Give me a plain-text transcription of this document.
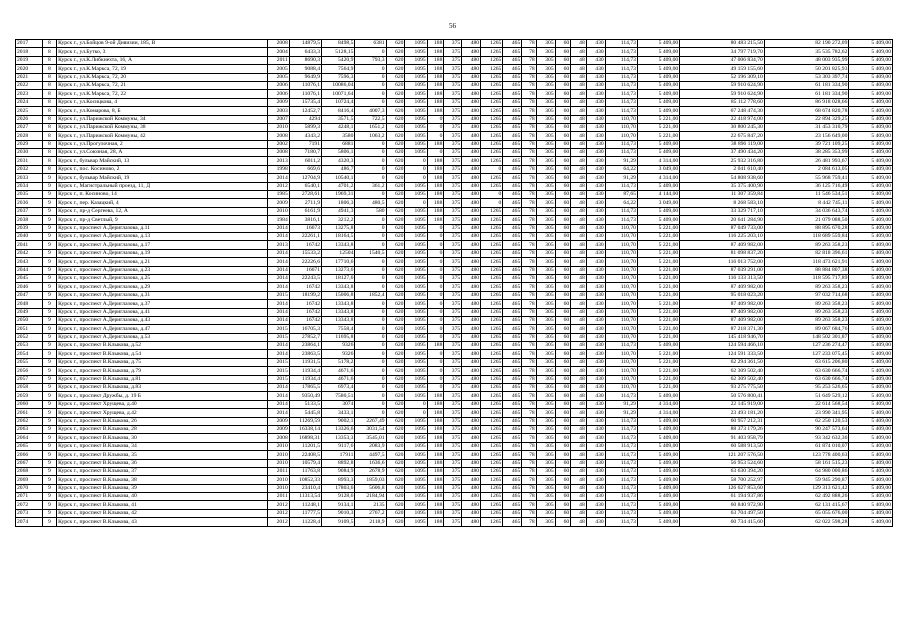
56
2017	8	Курск г., ул.Бойцов 9-ой Дивизии, 185, В	2008	14879,5	8498,5	6381	620	1095	188	375	480	1265	465	78	305	60	48	430	114,73	5 409,00	80 483 215,50	82 190 272,09	5 409,00
2018	8	Курск г., ул.Бутко, 3	2004	6433,3	5128,15	0	620	1095	188	375	480	1265	465	78	305	60	48	430	114,73	5 409,00	34 797 719,70	35 535 782,62	5 409,00
2019	8	Курск г., ул.К.Либкнехта, 16, А	2011	8690,3	5420,9	793,3	620	1095	188	375	480	1265	465	78	305	60	48	430	114,73	5 409,00	47 006 834,70	48 003 935,99	5 409,00
2020	8	Курск г., ул.К.Маркса, 72, 19	2005	9088,4	7564,9	0	620	1095	188	375	480	1265	465	78	305	60	48	430	114,73	5 409,00	49 159 155,60	50 201 825,93	5 409,00
2021	8	Курск г., ул.К.Маркса, 72, 20	2005	9649,9	7596,3	0	620	1095	188	375	480	1265	465	78	305	60	48	430	114,73	5 409,00	52 196 309,10	53 303 397,74	5 409,00
2022	8	Курск г., ул.К.Маркса, 72, 21	2006	11076,1	10086,04	0	620	1095	188	375	480	1265	465	78	305	60	48	430	114,73	5 409,00	59 910 624,90	61 181 334,90	5 409,00
2023	8	Курск г., ул.К.Маркса, 72, 22	2006	11076,1	10071,64	0	620	1095	188	375	480	1265	465	78	305	60	48	430	114,73	5 409,00	59 910 624,90	61 181 334,90	5 409,00
2024	8	Курск г., ул.Косицкова, 4	2009	15735,4	10724,4	0	620	1095	188	375	480	1265	465	78	305	60	48	430	114,73	5 409,00	85 112 778,60	86 918 028,66	5 409,00
2025	8	Курск г., ул.Комарова, 8, Б	2003	12452,7	8416,4	4007,3	620	1095	188	375	480	1265	465	78	305	60	48	430	114,73	5 409,00	67 248 474,30	68 674 820,78	5 409,00
2026	8	Курск г., ул.Парижской Коммуны, 34	2007	4294	3571,5	722,5	620	1095	0	375	480	1265	465	78	305	60	48	430	110,70	5 221,00	22 418 974,00	22 894 329,25	5 409,00
2027	8	Курск г., ул.Парижской Коммуны, 38	2010	5899,3	4248,1	1651,2	620	1095	0	375	480	1265	465	78	305	60	48	430	110,70	5 221,00	30 800 245,30	31 453 310,79	5 409,00
2028	8	Курск г., ул.Парижской Коммуны, 42	2008	4343,2	3580	1063,2	620	1095	0	375	480	1265	465	78	305	60	48	430	110,70	5 221,00	22 675 847,20	23 156 649,00	5 409,00
2029	8	Курск г., ул.Прогулочная, 2	2002	7191	6881	0	620	1095	188	375	480	1265	465	78	305	60	48	430	114,73	5 409,00	38 896 119,00	39 721 109,25	5 409,00
2030	8	Курск г., ул.Союзная, 28, А	2008	7180,7	5806,1	0	620	1095	0	375	480	1265	465	78	305	60	48	430	114,73	5 409,00	37 490 434,20	38 285 353,99	5 409,00
2031	8	Курск г., бульвар Майский, 13	2013	6011,2	4320,3	0	620	0	188	375	480	1265	465	78	305	60	48	430	91,29	4 314,00	25 932 316,80	26 481 993,67	5 409,00
2032	8	Курск г., пос. Косиново, 2	1998	669,6	486,7	0	620	0	188	375	480	0	465	78	305	60	48	430	64,22	3 049,00	2 041 610,40	2 084 613,05	5 409,00
2033	9	Курск г., бульвар Майский, 19	2014	12704,9	10540,1	0	620	0	188	375	480	1265	465	78	305	60	48	430	91,29	4 314,00	54 808 938,60	55 968 759,41	5 409,00
2034	9	Курск г., Магистральный проезд, 11, Д	2012	6540,1	4701,2	361,2	620	1095	188	375	480	1265	465	78	305	60	48	430	114,73	5 409,00	35 375 400,90	36 125 716,49	5 409,00
2035	9	Курск г., п. Косиново, 14	1985	2728,61	1969,31	0	620	1095	188	375	480	0	465	78	305	60	48	430	87,65	4 144,00	11 307 359,84	11 546 534,51	5 409,00
2036	9	Курск г., пер. Казацкий, 4	2009	2711,9	1806,3	480,5	620	0	188	375	480	0	465	78	305	60	48	430	64,22	3 049,00	8 268 583,10	8 442 745,11	5 409,00
2037	9	Курск г., пр-д Сергеева, 12, А	2010	6161,9	4941,3	580	620	1095	188	375	480	1265	465	78	305	60	48	430	114,73	5 409,00	33 329 717,10	34 036 643,74	5 409,00
2038	9	Курск г., пр-д Светлый, 9	1984	3816,1	3212,2	0	620	1095	188	375	480	1265	465	78	305	60	48	430	114,73	5 409,00	20 641 284,90	21 079 088,50	5 409,00
2039	9	Курск г., проспект А.Дериглазова, д.11	2014	16673	13275,8	0	620	1095	0	375	480	1265	465	78	305	60	48	430	110,70	5 221,00	87 049 733,00	88 895 670,28	5 409,00
2040	9	Курск г., проспект А.Дериглазова, д.13	2014	22261,1	18164,5	0	620	1095	0	375	480	1265	465	78	305	60	48	430	110,70	5 221,00	116 225 203,10	118 689 559,84	5 409,00
2041	9	Курск г., проспект А.Дериглазова, д.17	2013	16742	13343,8	0	620	1095	0	375	480	1265	465	78	305	60	48	430	110,70	5 221,00	87 409 982,00	89 263 358,23	5 409,00
2042	9	Курск г., проспект А.Дериглазова, д.19	2014	15533,2	12504	1540,5	620	1095	0	375	480	1265	465	78	305	60	48	430	110,70	5 221,00	81 098 837,20	82 818 396,61	5 409,00
2043	9	Курск г., проспект А.Дериглазова, д.21	2014	22226,6	17710,6	0	620	1095	0	375	480	1265	465	78	305	60	48	430	110,70	5 221,00	116 013 752,00	118 473 621,91	5 409,00
2044	9	Курск г., проспект А.Дериглазова, д.23	2014	16671	13273,6	0	620	1095	0	375	480	1265	465	78	305	60	48	430	110,70	5 221,00	87 039 291,00	88 884 807,38	5 409,00
2045	9	Курск г., проспект А.Дериглазова, д.25	2014	22243,5	18127,6	0	620	1095	0	375	480	1265	465	78	305	60	48	430	110,70	5 221,00	116 133 313,50	118 595 717,89	5 409,00
2046	9	Курск г., проспект А.Дериглазова, д.29	2014	16742	13343,8	0	620	1095	0	375	480	1265	465	78	305	60	48	430	110,70	5 221,00	87 409 982,00	89 263 358,23	5 409,00
2047	9	Курск г., проспект А.Дериглазова, д.31	2015	18199,2	15006,8	1852,4	620	1095	0	375	480	1265	465	78	305	60	48	430	110,70	5 221,00	95 018 023,20	97 032 714,68	5 409,00
2048	9	Курск г., проспект А.Дериглазова, д.37	2014	16742	13343,8	0	620	1095	0	375	480	1265	465	78	305	60	48	430	110,70	5 221,00	87 409 982,00	89 263 358,23	5 409,00
2049	9	Курск г., проспект А.Дериглазова, д.41	2014	16742	13343,8	0	620	1095	0	375	480	1265	465	78	305	60	48	430	110,70	5 221,00	87 409 982,00	89 263 358,23	5 409,00
2050	9	Курск г., проспект А.Дериглазова, д.43	2014	16742	13343,8	0	620	1095	0	375	480	1265	465	78	305	60	48	430	110,70	5 221,00	87 409 982,00	89 263 358,23	5 409,00
2051	9	Курск г., проспект А.Дериглазова, д.47	2015	16705,3	7558,4	0	620	1095	0	375	480	1265	465	78	305	60	48	430	110,70	5 221,00	87 218 371,30	89 067 684,76	5 409,00
2052	9	Курск г., проспект А.Дериглазова, д.53	2015	27852,7	11695,8	0	620	1095	0	375	480	1265	465	78	305	60	48	430	110,70	5 221,00	145 418 946,70	148 502 301,87	5 409,00
2053	9	Курск г., проспект В.Клыкова, д.52	2014	23864,1	9326	0	620	1095	188	375	480	1265	465	78	305	60	48	430	114,73	5 409,00	124 594 466,10	127 236 274,47	5 409,00
2054	9	Курск г., проспект В.Клыкова, д.54	2014	23863,5	9326	0	620	1095	0	375	480	1265	465	78	305	60	48	430	110,70	5 221,00	124 591 333,50	127 233 075,45	5 409,00
2055	9	Курск г., проспект В.Клыкова, д.75	2015	11931,5	5178,2	0	620	1095	0	375	480	1265	465	78	305	60	48	430	110,70	5 221,00	62 294 361,50	63 615 206,80	5 409,00
2056	9	Курск г., проспект В.Клыкова, д.79	2015	11934,4	4671,6	0	620	1095	0	375	480	1265	465	78	305	60	48	430	110,70	5 221,00	62 309 502,40	63 630 666,74	5 409,00
2057	9	Курск г., проспект В.Клыкова, д.81	2015	11934,4	4671,6	0	620	1095	0	375	480	1265	465	78	305	60	48	430	110,70	5 221,00	62 309 502,40	63 630 666,74	5 409,00
2058	9	Курск г., проспект В.Клыкова, д.83	2014	17865,5	6973,4	0	620	1095	0	375	480	1265	465	78	305	60	48	430	110,70	5 221,00	93 275 775,50	95 253 526,65	5 409,00
2059	9	Курск г., проспект Дружбы, д. 19 Б	2014	9350,49	7580,51	0	620	1095	188	375	480	1265	465	78	305	60	48	430	114,73	5 409,00	50 576 800,41	51 649 529,12	5 409,00
2060	9	Курск г., проспект Хрущева, д.40	2014	5133,5	3074	0	620	0	188	375	480	1265	465	78	305	60	48	430	91,29	4 314,00	22 145 919,00	22 614 568,54	5 409,00
2061	9	Курск г., проспект Хрущева, д.42	2014	5445,8	3433,1	0	620	0	188	375	480	1265	465	78	305	60	48	430	91,29	4 314,00	23 493 181,20	23 990 341,95	5 409,00
2062	9	Курск г., проспект В.Клыкова, 26	2009	11269,59	9002,1	2267,49	620	1095	188	375	480	1265	465	78	305	60	48	430	114,73	5 409,00	60 957 212,31	62 250 120,53	5 409,00
2063	9	Курск г., проспект В.Клыкова, 28	2009	16338,14	13326,6	3031,54	620	1095	188	375	480	1265	465	78	305	60	48	430	114,73	5 409,00	88 373 179,26	90 247 573,64	5 409,00
2064	9	Курск г., проспект В.Клыкова, 30	2008	16898,31	13353,3	3545,01	620	1095	188	375	480	1265	465	78	305	60	48	430	114,73	5 409,00	91 403 958,79	93 342 632,36	5 409,00
2065	9	Курск г., проспект В.Клыкова, 34	2010	11201,5	9117,6	2083,9	620	1095	188	375	480	1265	465	78	305	60	48	430	114,73	5 409,00	60 588 913,50	61 874 010,07	5 409,00
2066	9	Курск г., проспект В.Клыкова, 35	2010	22408,5	17911	4497,5	620	1095	188	375	480	1265	465	78	305	60	48	430	114,73	5 409,00	121 207 576,50	123 778 400,63	5 409,00
2067	9	Курск г., проспект В.Клыкова, 36	2010	10579,4	8892,8	1636,6	620	1095	188	375	480	1265	465	78	305	60	48	430	114,73	5 409,00	56 953 524,60	58 161 515,23	5 409,00
2068	9	Курск г., проспект В.Клыкова, 37	2011	11763,8	9084,9	2678,9	620	1095	188	375	480	1265	465	78	305	60	48	430	114,73	5 409,00	63 630 394,20	64 980 000,86	5 409,00
2069	9	Курск г., проспект В.Клыкова, 38	2010	10852,33	8993,3	1859,03	620	1095	188	375	480	1265	465	78	305	60	48	430	114,73	5 409,00	58 700 252,97	59 945 290,87	5 409,00
2070	9	Курск г., проспект В.Клыкова, 39	2010	23410,4	17803,6	5606,8	620	1095	188	375	480	1265	465	78	305	60	48	430	114,73	5 409,00	126 627 853,60	129 313 621,42	5 409,00
2071	9	Курск г., проспект В.Клыкова, 40	2011	11313,54	9128,6	2184,94	620	1095	188	375	480	1265	465	78	305	60	48	430	114,73	5 409,00	61 194 937,86	62 492 888,26	5 409,00
2072	9	Курск г., проспект В.Клыкова, 41	2012	11248,1	9134,1	2135	620	1095	188	375	480	1265	465	78	305	60	48	430	114,73	5 409,00	60 840 972,90	62 131 415,67	5 409,00
2073	9	Курск г., проспект В.Клыкова, 42	2012	11777,5	9010,3	2767,2	620	1095	188	375	480	1265	465	78	305	60	48	430	114,73	5 409,00	63 704 497,50	65 055 676,00	5 409,00
2074	9	Курск г., проспект В.Клыкова, 43	2012	11228,4	9109,5	2118,9	620	1095	188	375	480	1265	465	78	305	60	48	430	114,73	5 409,00	60 734 415,60	62 022 598,28	5 409,00
